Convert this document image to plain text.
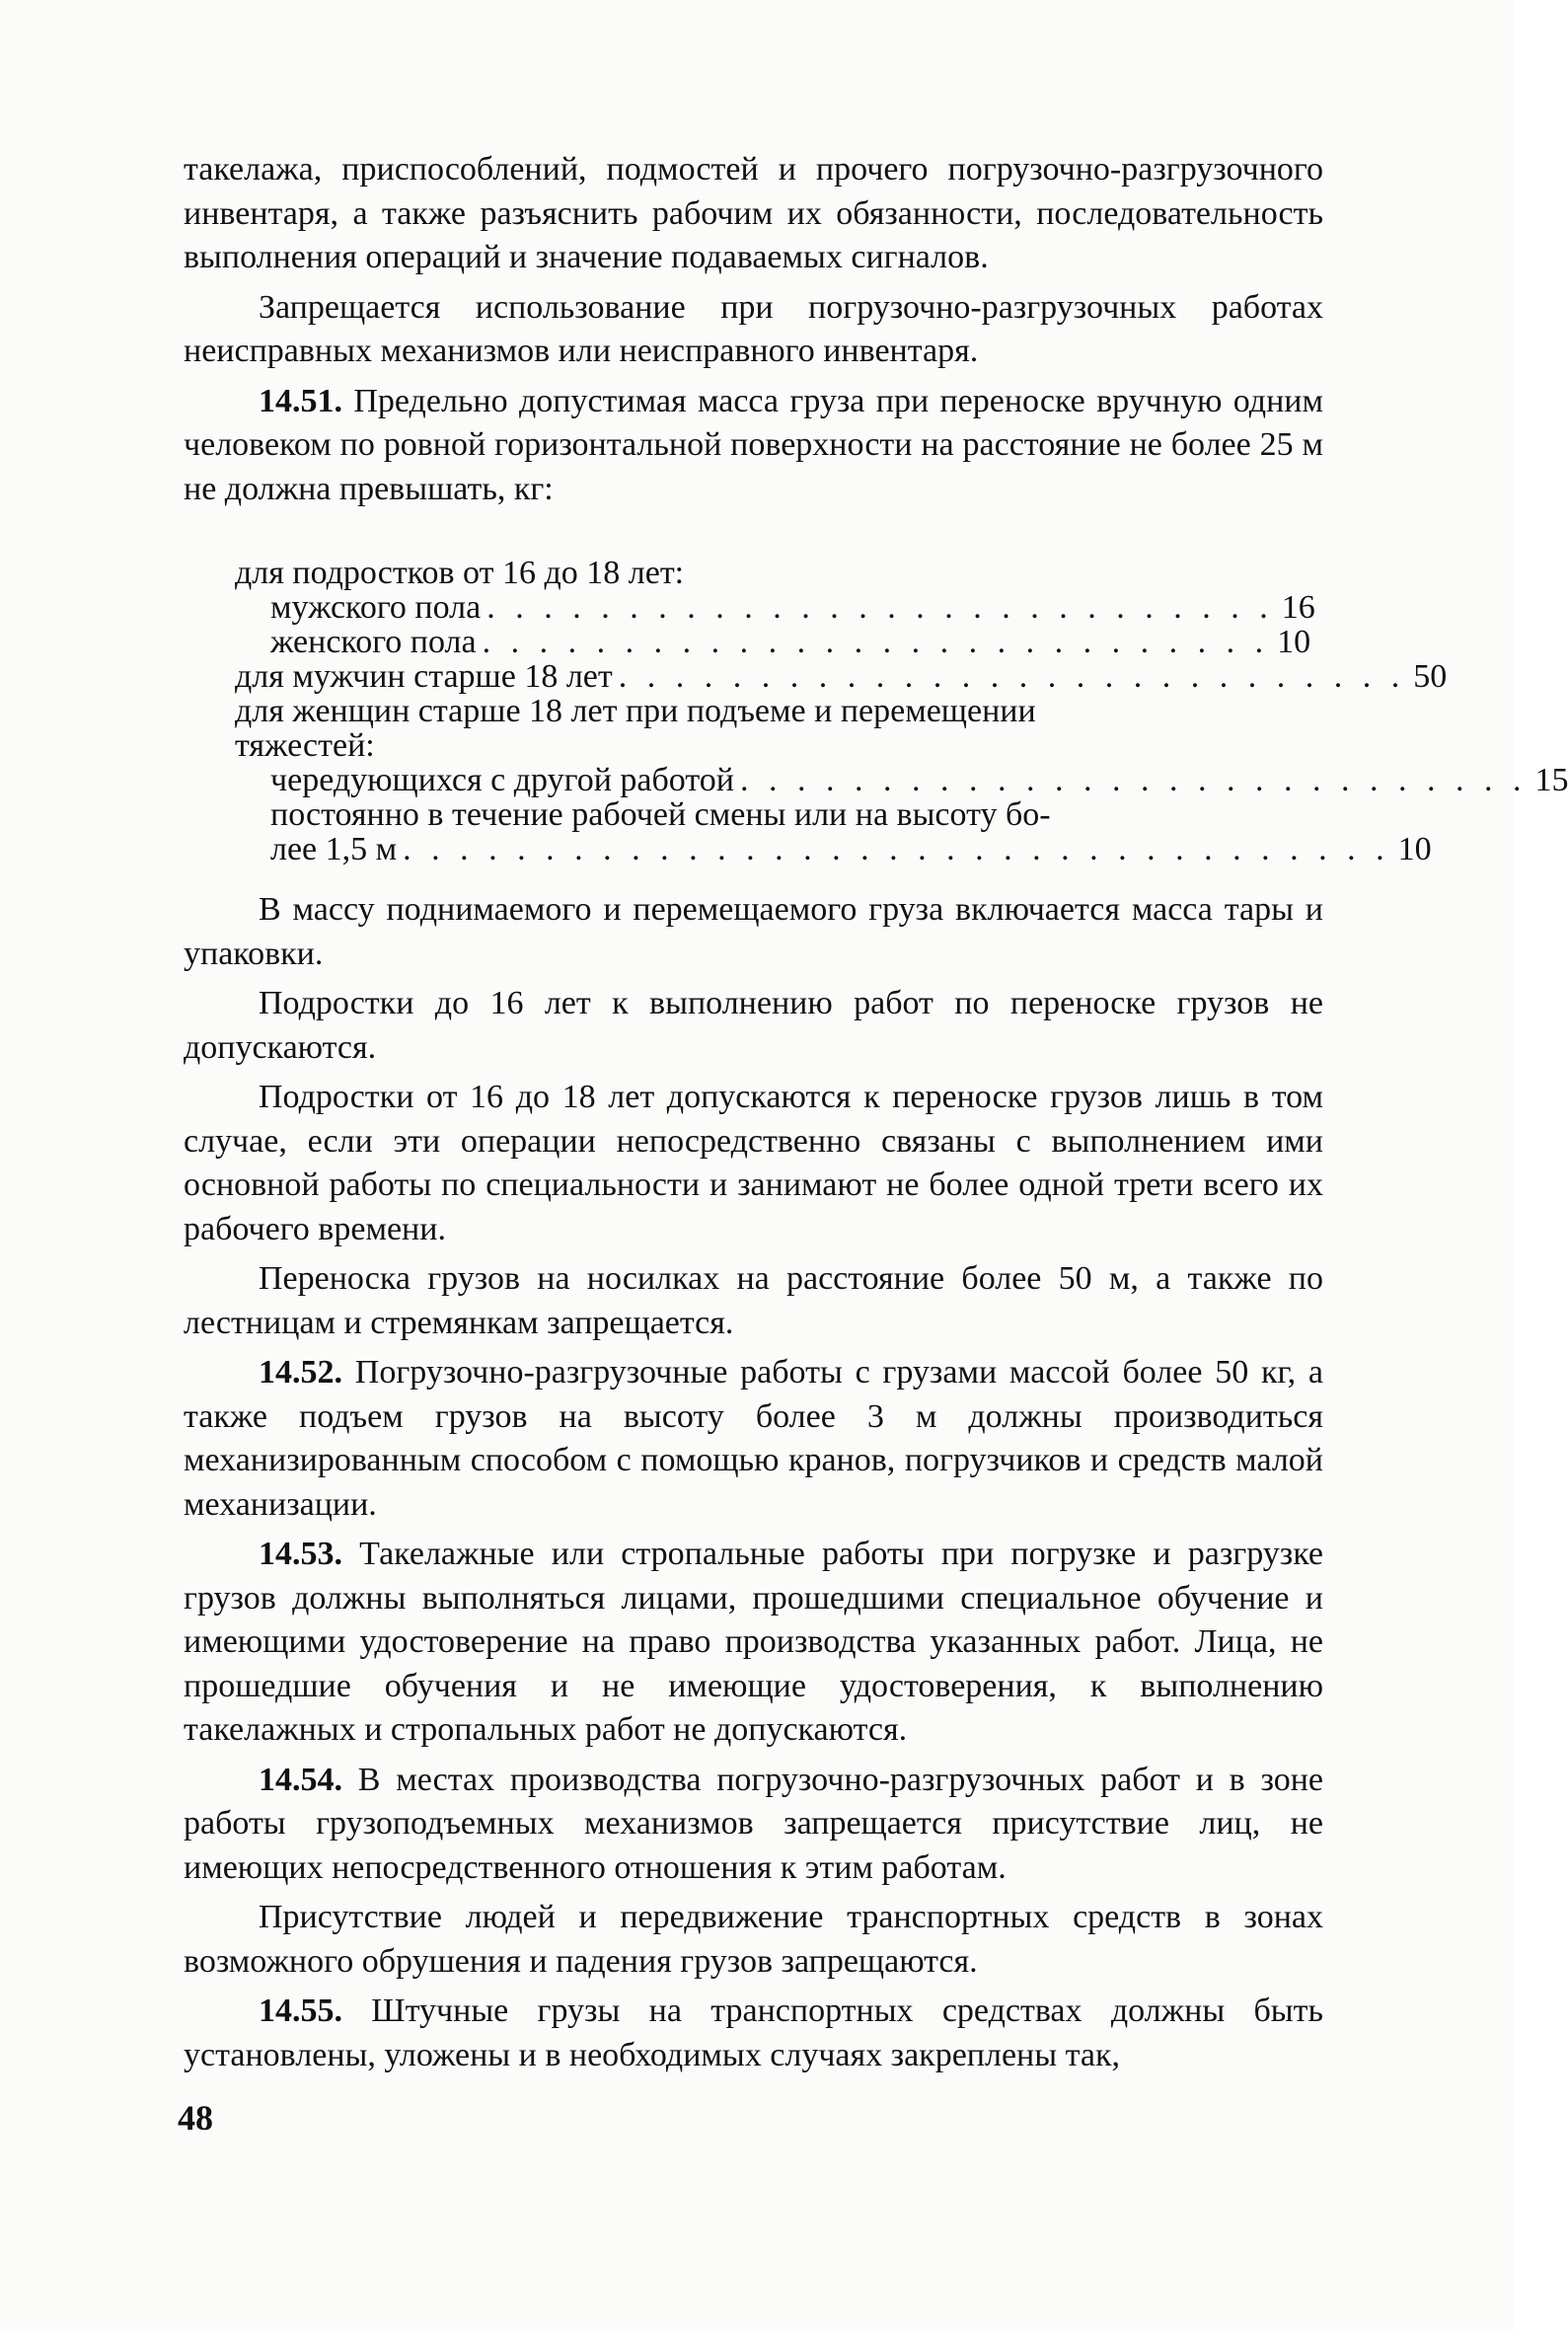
такелажа, приспособлений, подмостей и прочего погрузочно-разгрузочного инвентаря, а также разъяснить рабочим их обязанности, последовательность выполнения операций и значение подаваемых сигналов.

Запрещается использование при погрузочно-разгрузочных работах неисправных механизмов или неисправного инвентаря.

14.51. Предельно допустимая масса груза при переноске вручную одним человеком по ровной горизонтальной поверхности на расстояние не более 25 м не должна превышать, кг:

для подростков от 16 до 18 лет:
мужского пола . . . . . . . . . . . . . . . . . . . . . . . . . . . . 16
женского пола . . . . . . . . . . . . . . . . . . . . . . . . . . . . 10
для мужчин старше 18 лет . . . . . . . . . . . . . . . . . . . . . . . . . . . . 50
для женщин старше 18 лет при подъеме и перемещении
тяжестей:
чередующихся с другой работой . . . . . . . . . . . . . . . . . . . . . . . . . . . . 15
постоянно в течение рабочей смены или на высоту бо-
лее 1,5 м . . . . . . . . . . . . . . . . . . . . . . . . . . . . . . . . . . . 10

В массу поднимаемого и перемещаемого груза включается масса тары и упаковки.

Подростки до 16 лет к выполнению работ по переноске грузов не допускаются.

Подростки от 16 до 18 лет допускаются к переноске грузов лишь в том случае, если эти операции непосредственно связаны с выполнением ими основной работы по специальности и занимают не более одной трети всего их рабочего времени.

Переноска грузов на носилках на расстояние более 50 м, а также по лестницам и стремянкам запрещается.

14.52. Погрузочно-разгрузочные работы с грузами массой более 50 кг, а также подъем грузов на высоту более 3 м должны производиться механизированным способом с помощью кранов, погрузчиков и средств малой механизации.

14.53. Такелажные или стропальные работы при погрузке и разгрузке грузов должны выполняться лицами, прошедшими специальное обучение и имеющими удостоверение на право производства указанных работ. Лица, не прошедшие обучения и не имеющие удостоверения, к выполнению такелажных и стропальных работ не допускаются.

14.54. В местах производства погрузочно-разгрузочных работ и в зоне работы грузоподъемных механизмов запрещается присутствие лиц, не имеющих непосредственного отношения к этим работам.

Присутствие людей и передвижение транспортных средств в зонах возможного обрушения и падения грузов запрещаются.

14.55. Штучные грузы на транспортных средствах должны быть установлены, уложены и в необходимых случаях закреплены так,

48
